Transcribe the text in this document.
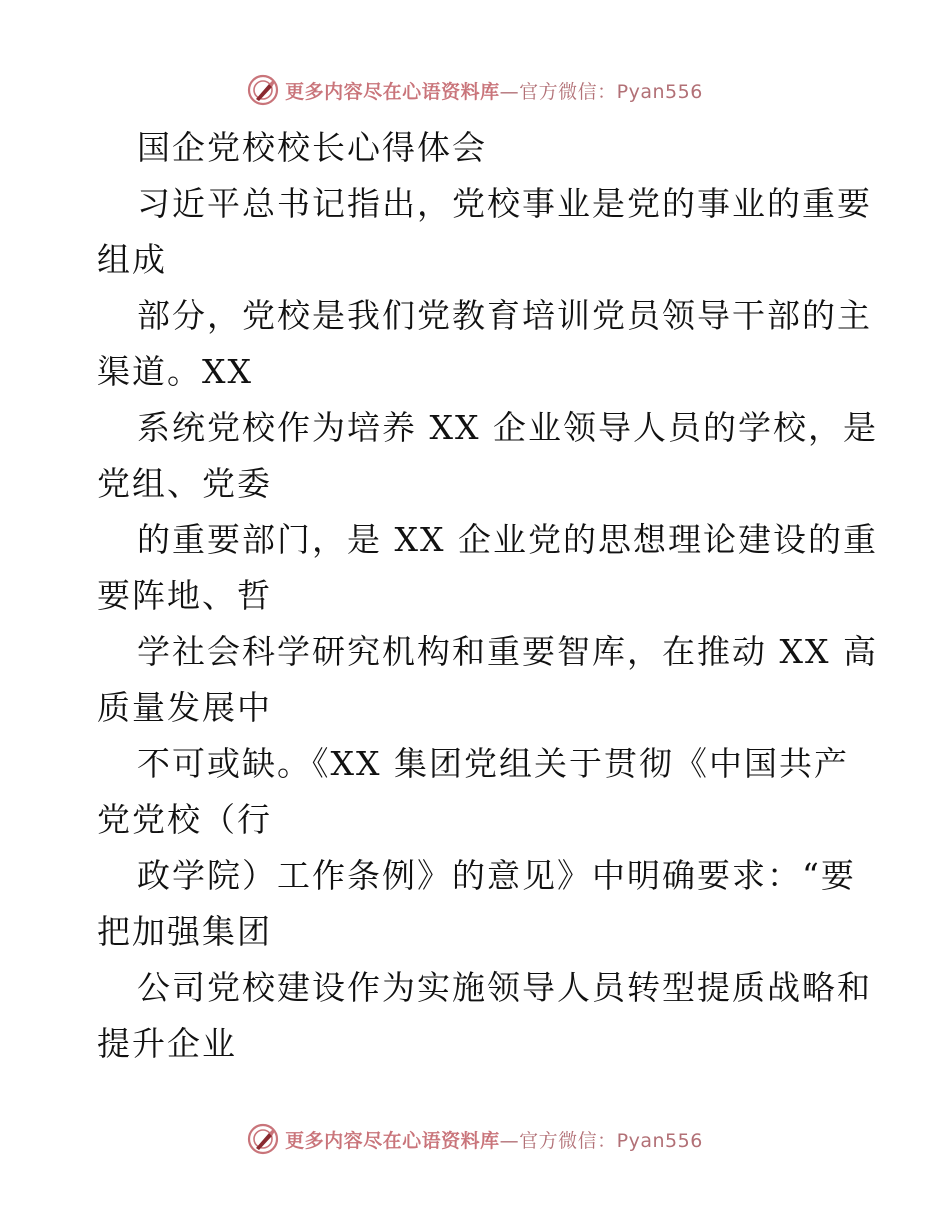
更多内容尽在心语资料库 —官方微信：Pyan556
国企党校校长心得体会
习近平总书记指出，党校事业是党的事业的重要
组成
部分，党校是我们党教育培训党员领导干部的主
渠道。XX
系统党校作为培养 XX 企业领导人员的学校，是
党组、党委
的重要部门，是 XX 企业党的思想理论建设的重
要阵地、哲
学社会科学研究机构和重要智库，在推动 XX 高
质量发展中
不可或缺。《XX 集团党组关于贯彻《中国共产
党党校（行
政学院）工作条例》的意见》中明确要求：“要
把加强集团
公司党校建设作为实施领导人员转型提质战略和
提升企业
更多内容尽在心语资料库 —官方微信：Pyan556
